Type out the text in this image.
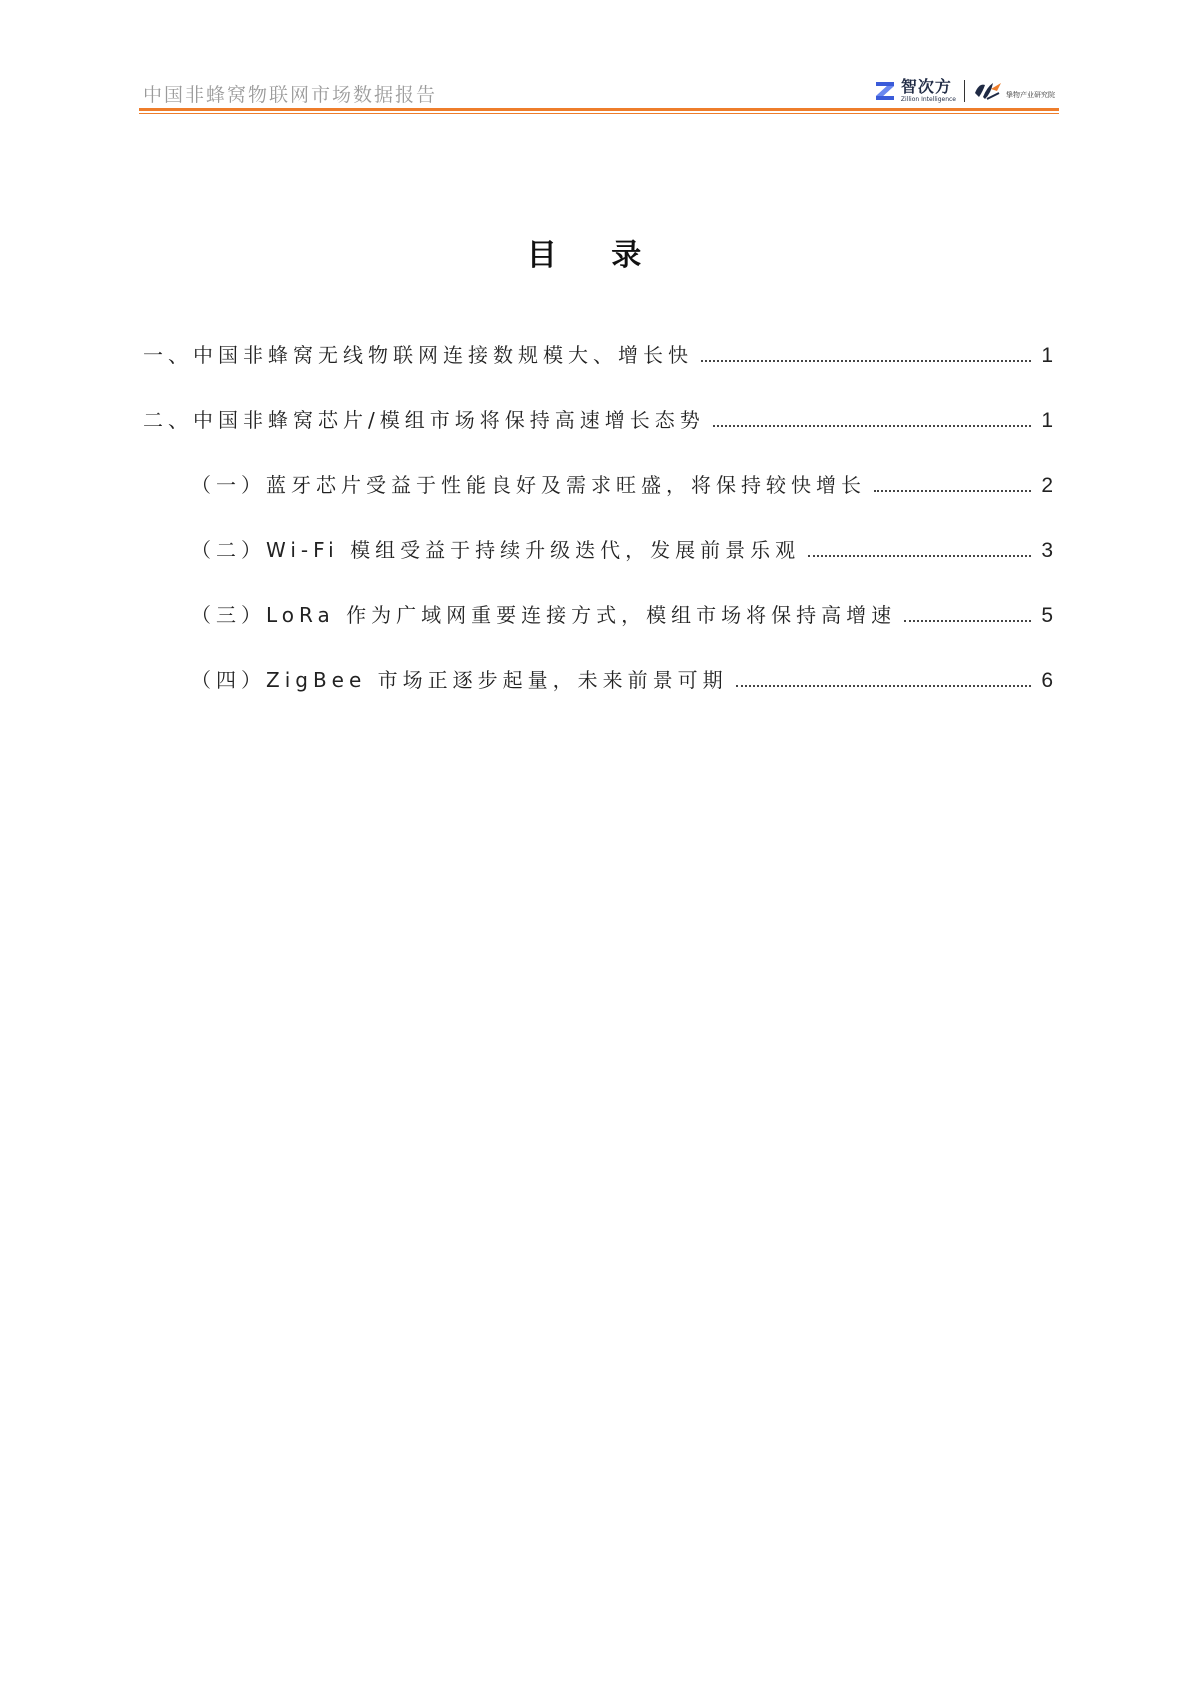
中国非蜂窝物联网市场数据报告	智次方
Zillion Intelligence
挚物产业研究院
目 录
一、中国非蜂窝无线物联网连接数规模大、增长快	1
二、中国非蜂窝芯片/模组市场将保持高速增长态势	1
（一）蓝牙芯片受益于性能良好及需求旺盛，将保持较快增长	2
（二）Wi-Fi 模组受益于持续升级迭代，发展前景乐观	3
（三）LoRa 作为广域网重要连接方式，模组市场将保持高增速	5
（四）ZigBee 市场正逐步起量，未来前景可期	6
